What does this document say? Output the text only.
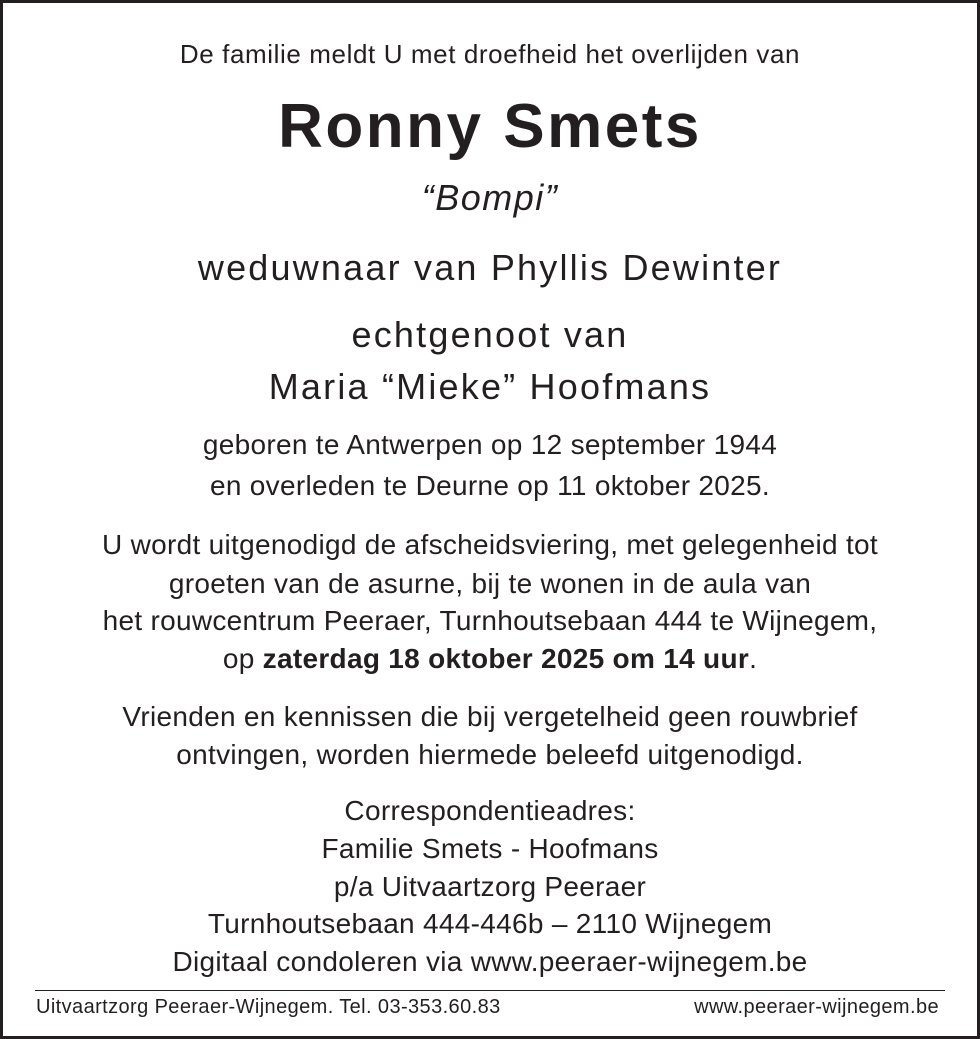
De familie meldt U met droefheid het overlijden van
Ronny Smets
“Bompi”
weduwnaar van Phyllis Dewinter
echtgenoot van
Maria “Mieke” Hoofmans
geboren te Antwerpen op 12 september 1944
en overleden te Deurne op 11 oktober 2025.
U wordt uitgenodigd de afscheidsviering, met gelegenheid tot
groeten van de asurne, bij te wonen in de aula van
het rouwcentrum Peeraer, Turnhoutsebaan 444 te Wijnegem,
op zaterdag 18 oktober 2025 om 14 uur.
Vrienden en kennissen die bij vergetelheid geen rouwbrief
ontvingen, worden hiermede beleefd uitgenodigd.
Correspondentieadres:
Familie Smets - Hoofmans
p/a Uitvaartzorg Peeraer
Turnhoutsebaan 444-446b – 2110 Wijnegem
Digitaal condoleren via www.peeraer-wijnegem.be
Uitvaartzorg Peeraer-Wijnegem. Tel. 03-353.60.83	www.peeraer-wijnegem.be
